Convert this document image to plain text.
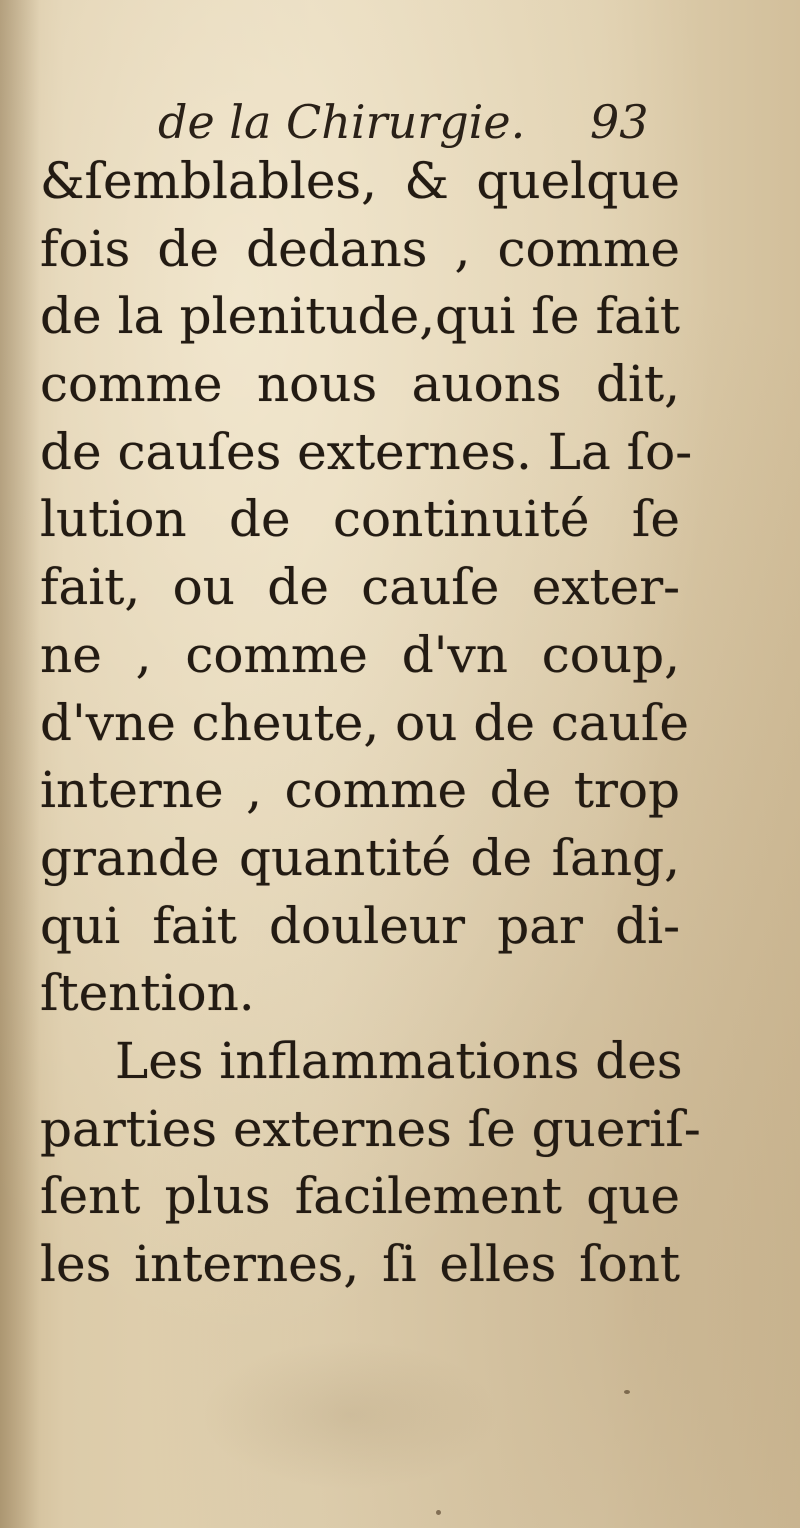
de la Chirurgie. 93
&ſemblables, & quelque
fois de dedans , comme
de la plenitude,qui ſe fait
comme nous auons dit,
de cauſes externes. La ſo-
lution de continuité ſe
fait, ou de cauſe exter-
ne , comme d'vn coup,
d'vne cheute, ou de cauſe
interne , comme de trop
grande quantité de ſang,
qui fait douleur par di-
ſtention.
Les inflammations des
parties externes ſe gueriſ-
ſent plus facilement que
les internes, ſi elles ſont
